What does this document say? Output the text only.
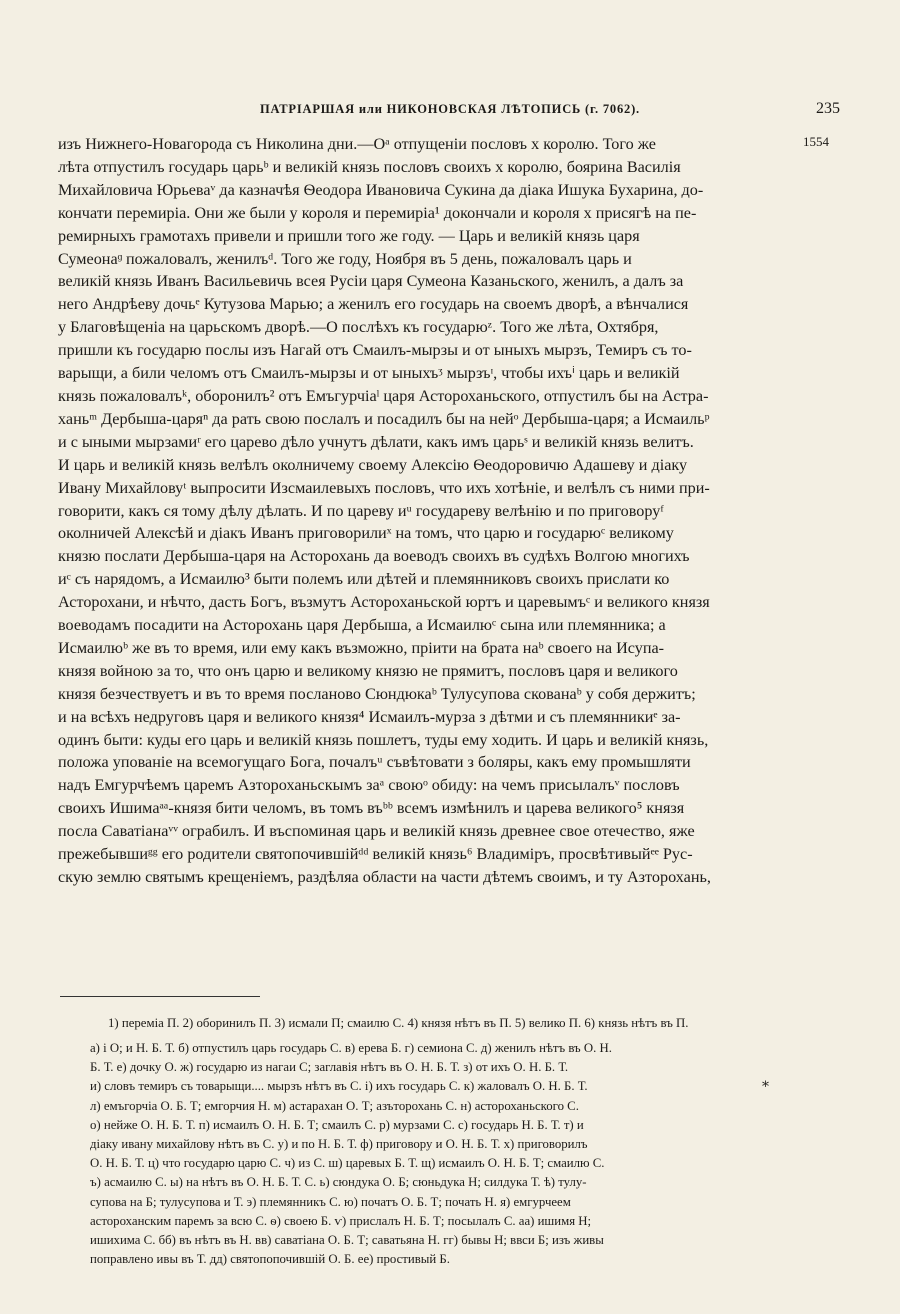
ПАТРІАРШАЯ или НИКОНОВСКАЯ ЛѢТОПИСЬ (г. 7062).	235
1554
изъ Нижнего-Новагорода съ Николина дни.—Оᵃ отпущеніи пословъ х королю. Того же
лѣта отпустилъ государь царьᵇ и великій князь пословъ своихъ х королю, боярина Василія
Михайловича Юрьеваᵛ да казначѣя Ѳеодора Ивановича Сукина да діака Ишука Бухарина, до-
кончати перемиріа. Они же были у короля и перемиріа¹ докончали и короля х присягѣ на пе-
ремирныхъ грамотахъ привели и пришли того же году. — Царь и великій князь царя
Сумеонаᶢ пожаловалъ, женилъᵈ. Того же году, Ноября въ 5 день, пожаловалъ царь и
великій князь Иванъ Васильевичь всея Русіи царя Сумеона Казаньского, женилъ, а далъ за
него Андрѣеву дочьᵉ Кутузова Марью; а женилъ его государь на своемъ дворѣ, а вѣнчалися
у Благовѣщеніа на царьскомъ дворѣ.—О послѣхъ къ государюᶻ. Того же лѣта, Охтября,
пришли къ государю послы изъ Нагай отъ Смаилъ-мырзы и от ыныхъ мырзъ, Темиръ съ то-
варыщи, а били челомъ отъ Смаилъ-мырзы и от ыныхъᶾ мырзъᶦ, чтобы ихъⁱ царь и великій
князь пожаловалъᵏ, оборонилъ² отъ Емъгурчіаˡ царя Астороханьского, отпустилъ бы на Астра-
ханьᵐ Дербыша-царяⁿ да рать свою послалъ и посадилъ бы на нейᵒ Дербыша-царя; а Исмаильᵖ
и с ыными мырзамиʳ его царево дѣло учнутъ дѣлати, какъ имъ царьˢ и великій князь велитъ.
И царь и великій князь велѣлъ околничему своему Алексію Ѳеодоровичю Адашеву и діаку
Ивану Михайловуᵗ выпросити Изсмаилевыхъ пословъ, что ихъ хотѣніе, и велѣлъ съ ними при-
говорити, какъ ся тому дѣлу дѣлать. И по цареву иᵘ государеву велѣнію и по приговоруᶠ
околничей Алексѣй и діакъ Иванъ приговорилиˣ на томъ, что царю и государюᶜ великому
князю послати Дербыша-царя на Асторохань да воеводъ своихъ въ судѣхъ Волгою многихъ
иᶜ съ нарядомъ, а Исмаилю³ быти полемъ или дѣтей и племянниковъ своихъ прислати ко
Асторохани, и нѣчто, дасть Богъ, възмутъ Астороханьской юртъ и царевымъᶜ и великого князя
воеводамъ посадити на Асторохань царя Дербыша, а Исмаилюᶜ сына или племянника; а
Исмаилюᵇ же въ то время, или ему какъ възможно, пріити на брата наᵇ своего на Исупа-
князя войною за то, что онъ царю и великому князю не прямитъ, пословъ царя и великого
князя безчествуетъ и въ то время посланово Сюндюкаᵇ Тулусупова скованаᵇ у собя держитъ;
и на всѣхъ недруговъ царя и великого князя⁴ Исмаилъ-мурза з дѣтми и съ племянникиᵉ за-
одинъ быти: куды его царь и великій князь пошлетъ, туды ему ходить. И царь и великій князь,
положа упованіе на всемогущаго Бога, почалъᵘ съвѣтовати з боляры, какъ ему промышляти
надъ Емгурчѣемъ царемъ Азтороханьскымъ заᵃ своюᵒ обиду: на чемъ присылалъᵛ пословъ
своихъ Ишимаᵃᵃ-князя бити челомъ, въ томъ въᵇᵇ всемъ измѣнилъ и царева великого⁵ князя
посла Саватіанаᵛᵛ ограбилъ. И въспоминая царь и великій князь древнее свое отечество, яже
прежебывшиᵍᵍ его родители святопочившійᵈᵈ великій князь⁶ Владиміръ, просвѣтивыйᵉᵉ Рус-
скую землю святымъ крещеніемъ, раздѣляа области на части дѣтемъ своимъ, и ту Азторохань,
1) переміа П. 2) оборинилъ П. 3) исмали П; смаилю С. 4) князя нѣтъ въ П. 5) велико П. 6) князь нѣтъ въ П.
а) і О; и Н. Б. Т. б) отпустилъ царь государь С. в) ерева Б. г) семиона С. д) женилъ нѣтъ въ О. Н.
Б. Т. е) дочку О. ж) государю из нагаи С; заглавія нѣтъ въ О. Н. Б. Т. з) от ихъ О. Н. Б. Т.
и) словъ темиръ съ товарыщи.... мырзъ нѣтъ въ С. і) ихъ государь С. к) жаловалъ О. Н. Б. Т.
л) емъгорчіа О. Б. Т; емгорчия Н. м) астарахан О. Т; азъторохань С. н) астороханьского С.
о) нейже О. Н. Б. Т. п) исмаилъ О. Н. Б. Т; смаилъ С. р) мурзами С. с) государь Н. Б. Т. т) и
діаку ивану михайлову нѣтъ въ С. у) и по Н. Б. Т. ф) приговору и О. Н. Б. Т. х) приговорилъ
О. Н. Б. Т. ц) что государю царю С. ч) из С. ш) царевых Б. Т. щ) исмаилъ О. Н. Б. Т; смаилю С.
ъ) асмаилю С. ы) на нѣтъ въ О. Н. Б. Т. С. ь) сюндука О. Б; сюньдука Н; силдука Т. ѣ) тулу-
супова на Б; тулусупова и Т. э) племянникъ С. ю) початъ О. Б. Т; почать Н. я) емгурчеем
астороханским паремъ за всю С. ѳ) своею Б. ѵ) прислалъ Н. Б. Т; посылалъ С. аа) ишимя Н;
ишихима С. бб) въ нѣтъ въ Н. вв) саватіана О. Б. Т; саватьяна Н. гг) бывы Н; ввси Б; изъ живы
поправлено ивы въ Т. дд) святопопочившій О. Б. ее) простивый Б.
*
